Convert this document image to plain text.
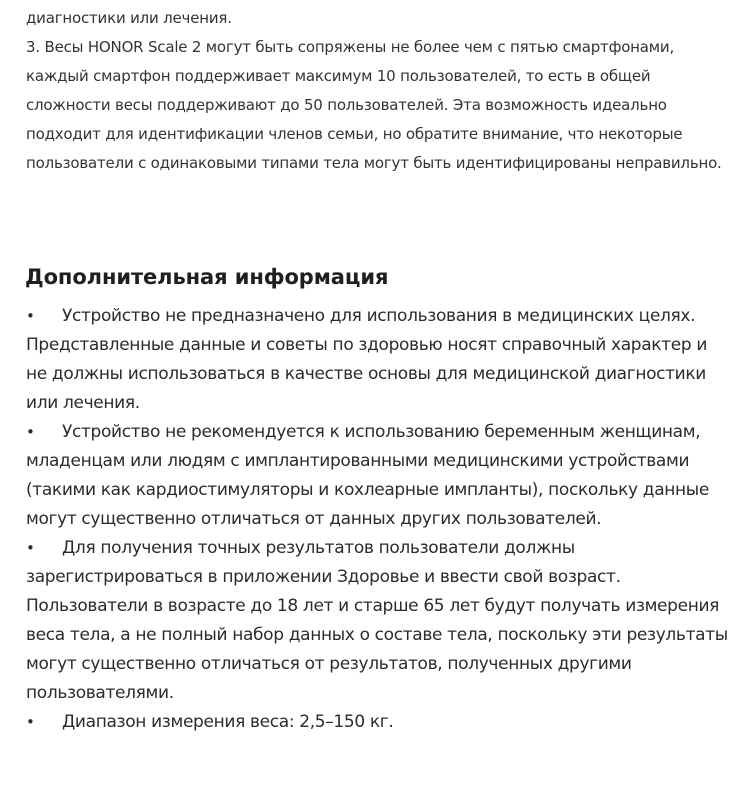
диагностики или лечения.

3. Весы HONOR Scale 2 могут быть сопряжены не более чем с пятью смартфонами, каждый смартфон поддерживает максимум 10 пользователей, то есть в общей сложности весы поддерживают до 50 пользователей. Эта возможность идеально подходит для идентификации членов семьи, но обратите внимание, что некоторые пользователи с одинаковыми типами тела могут быть идентифицированы неправильно.

Дополнительная информация
• Устройство не предназначено для использования в медицинских целях. Представленные данные и советы по здоровью носят справочный характер и не должны использоваться в качестве основы для медицинской диагностики или лечения.
• Устройство не рекомендуется к использованию беременным женщинам, младенцам или людям с имплантированными медицинскими устройствами (такими как кардиостимуляторы и кохлеарные импланты), поскольку данные могут существенно отличаться от данных других пользователей.
• Для получения точных результатов пользователи должны зарегистрироваться в приложении Здоровье и ввести свой возраст. Пользователи в возрасте до 18 лет и старше 65 лет будут получать измерения веса тела, а не полный набор данных о составе тела, поскольку эти результаты могут существенно отличаться от результатов, полученных другими пользователями.
• Диапазон измерения веса: 2,5–150 кг.
